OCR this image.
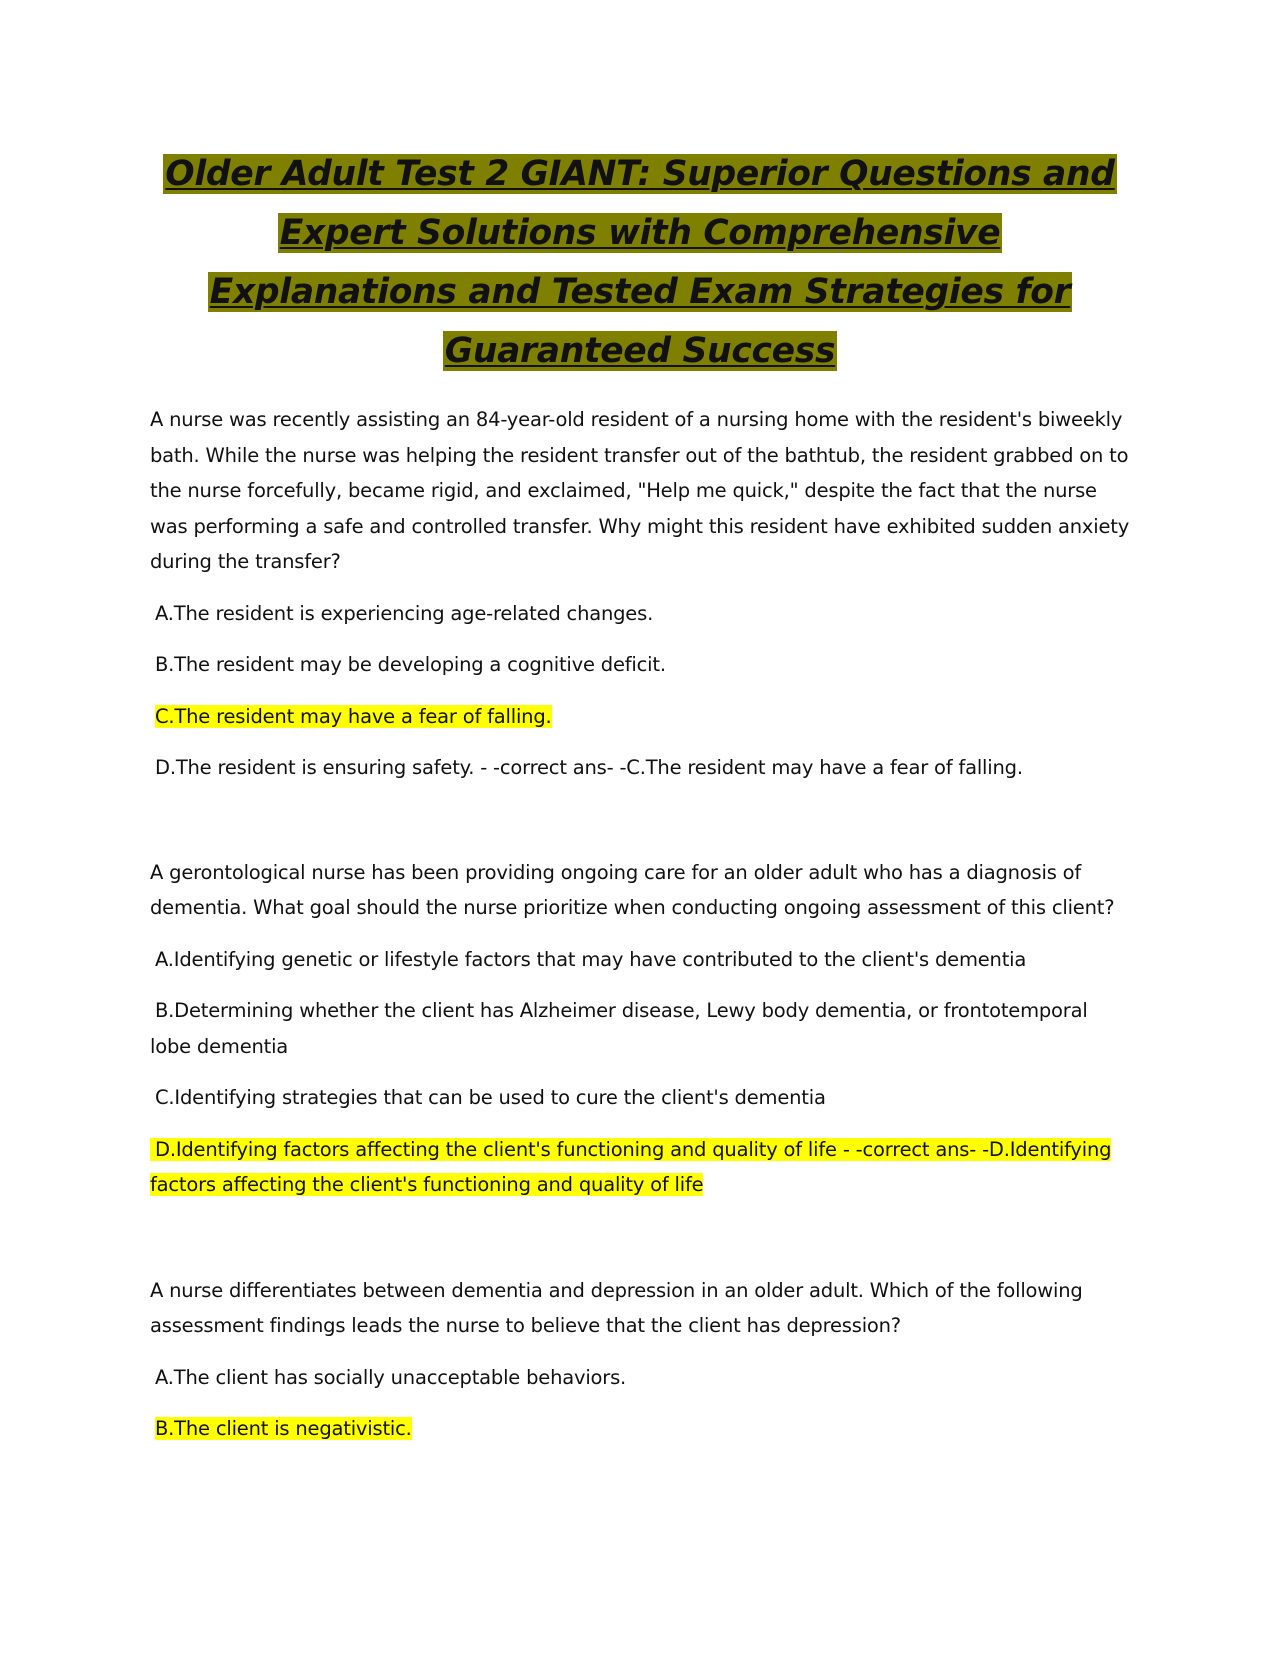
Older Adult Test 2 GIANT: Superior Questions and Expert Solutions with Comprehensive Explanations and Tested Exam Strategies for Guaranteed Success

A nurse was recently assisting an 84-year-old resident of a nursing home with the resident's biweekly bath. While the nurse was helping the resident transfer out of the bathtub, the resident grabbed on to the nurse forcefully, became rigid, and exclaimed, "Help me quick," despite the fact that the nurse was performing a safe and controlled transfer. Why might this resident have exhibited sudden anxiety during the transfer?

A.The resident is experiencing age-related changes.

B.The resident may be developing a cognitive deficit.

C.The resident may have a fear of falling.

D.The resident is ensuring safety. - -correct ans- -C.The resident may have a fear of falling.

A gerontological nurse has been providing ongoing care for an older adult who has a diagnosis of dementia. What goal should the nurse prioritize when conducting ongoing assessment of this client?

A.Identifying genetic or lifestyle factors that may have contributed to the client's dementia

B.Determining whether the client has Alzheimer disease, Lewy body dementia, or frontotemporal lobe dementia

C.Identifying strategies that can be used to cure the client's dementia

D.Identifying factors affecting the client's functioning and quality of life - -correct ans- -D.Identifying factors affecting the client's functioning and quality of life

A nurse differentiates between dementia and depression in an older adult. Which of the following assessment findings leads the nurse to believe that the client has depression?

A.The client has socially unacceptable behaviors.

B.The client is negativistic.
